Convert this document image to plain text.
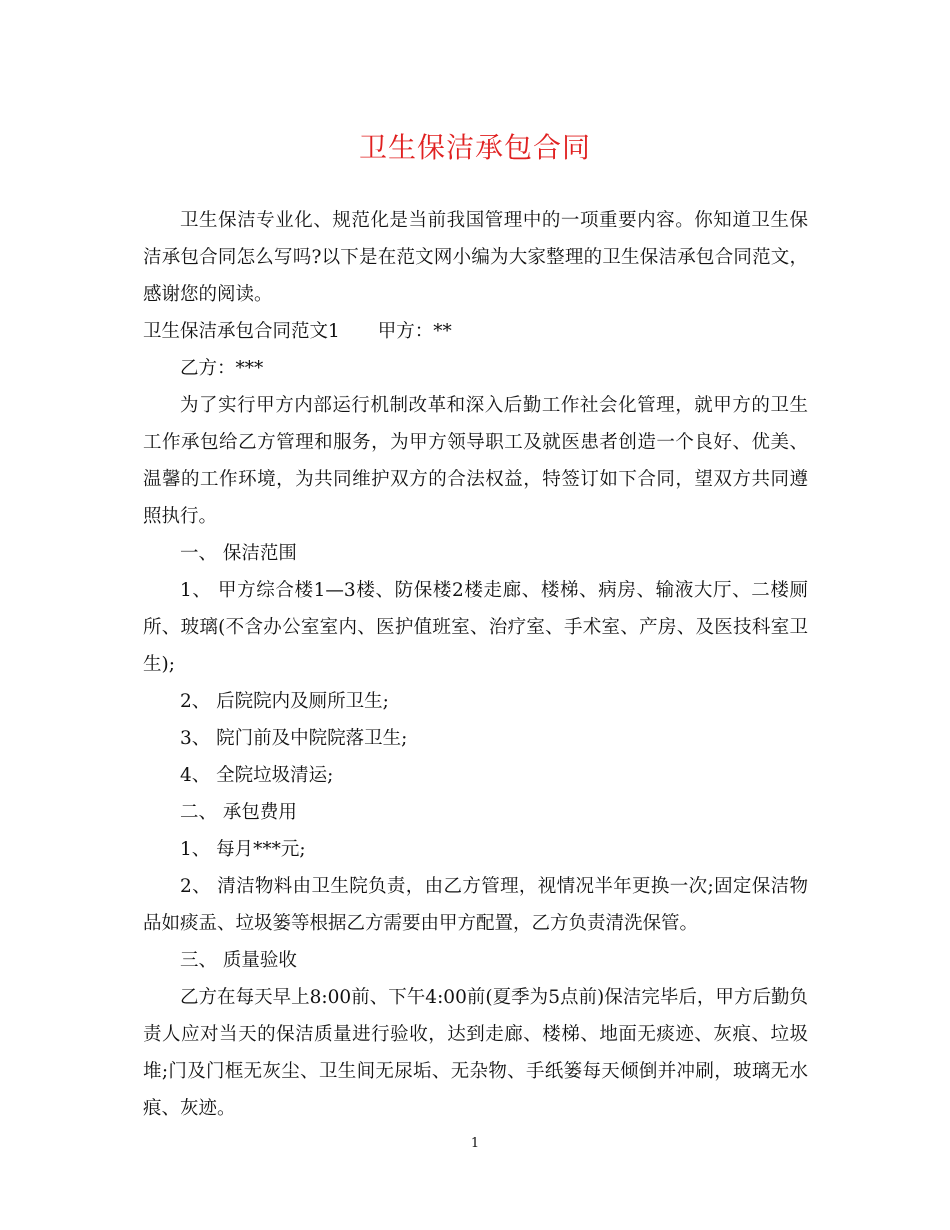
卫生保洁承包合同

卫生保洁专业化、规范化是当前我国管理中的一项重要内容。你知道卫生保洁承包合同怎么写吗?以下是在范文网小编为大家整理的卫生保洁承包合同范文，感谢您的阅读。

卫生保洁承包合同范文1 甲方：**

乙方：***

为了实行甲方内部运行机制改革和深入后勤工作社会化管理，就甲方的卫生工作承包给乙方管理和服务，为甲方领导职工及就医患者创造一个良好、优美、温馨的工作环境，为共同维护双方的合法权益，特签订如下合同，望双方共同遵照执行。

一、 保洁范围

1、 甲方综合楼1—3楼、防保楼2楼走廊、楼梯、病房、输液大厅、二楼厕所、玻璃(不含办公室室内、医护值班室、治疗室、手术室、产房、及医技科室卫生);

2、 后院院内及厕所卫生;

3、 院门前及中院院落卫生;

4、 全院垃圾清运;

二、 承包费用

1、 每月***元;

2、 清洁物料由卫生院负责，由乙方管理，视情况半年更换一次;固定保洁物品如痰盂、垃圾篓等根据乙方需要由甲方配置，乙方负责清洗保管。

三、 质量验收

乙方在每天早上8:00前、下午4:00前(夏季为5点前)保洁完毕后，甲方后勤负责人应对当天的保洁质量进行验收，达到走廊、楼梯、地面无痰迹、灰痕、垃圾堆;门及门框无灰尘、卫生间无尿垢、无杂物、手纸篓每天倾倒并冲刷，玻璃无水痕、灰迹。

1
